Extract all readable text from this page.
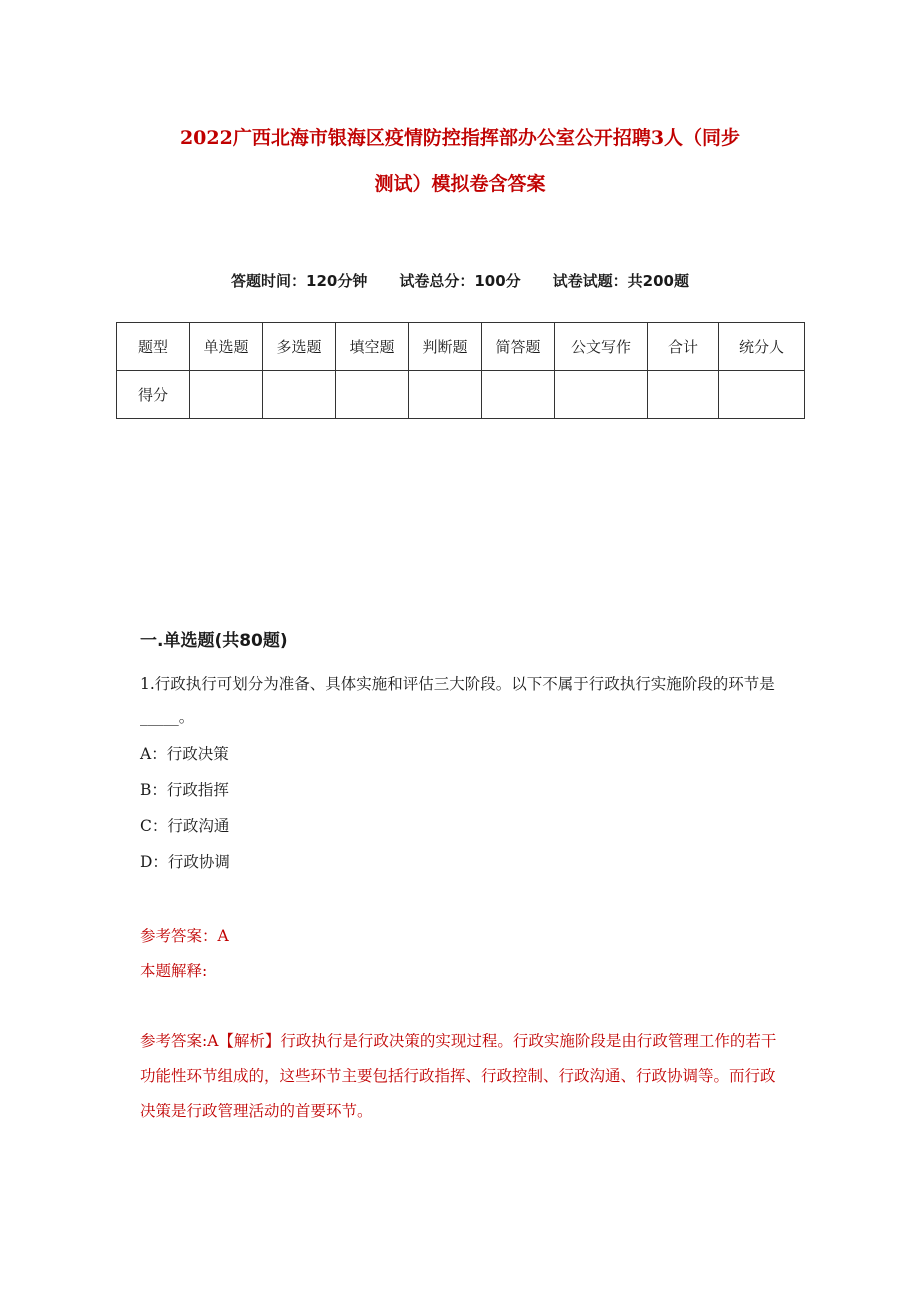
2022广西北海市银海区疫情防控指挥部办公室公开招聘3人（同步
测试）模拟卷含答案
答题时间：120分钟 试卷总分：100分 试卷试题：共200题
题型	单选题	多选题	填空题	判断题	简答题	公文写作	合计	统分人
得分								
一.单选题(共80题)
1.行政执行可划分为准备、具体实施和评估三大阶段。以下不属于行政执行实施阶段的环节是_____。
A：行政决策
B：行政指挥
C：行政沟通
D：行政协调
参考答案：A
本题解释:
参考答案:A【解析】行政执行是行政决策的实现过程。行政实施阶段是由行政管理工作的若干功能性环节组成的，这些环节主要包括行政指挥、行政控制、行政沟通、行政协调等。而行政决策是行政管理活动的首要环节。
